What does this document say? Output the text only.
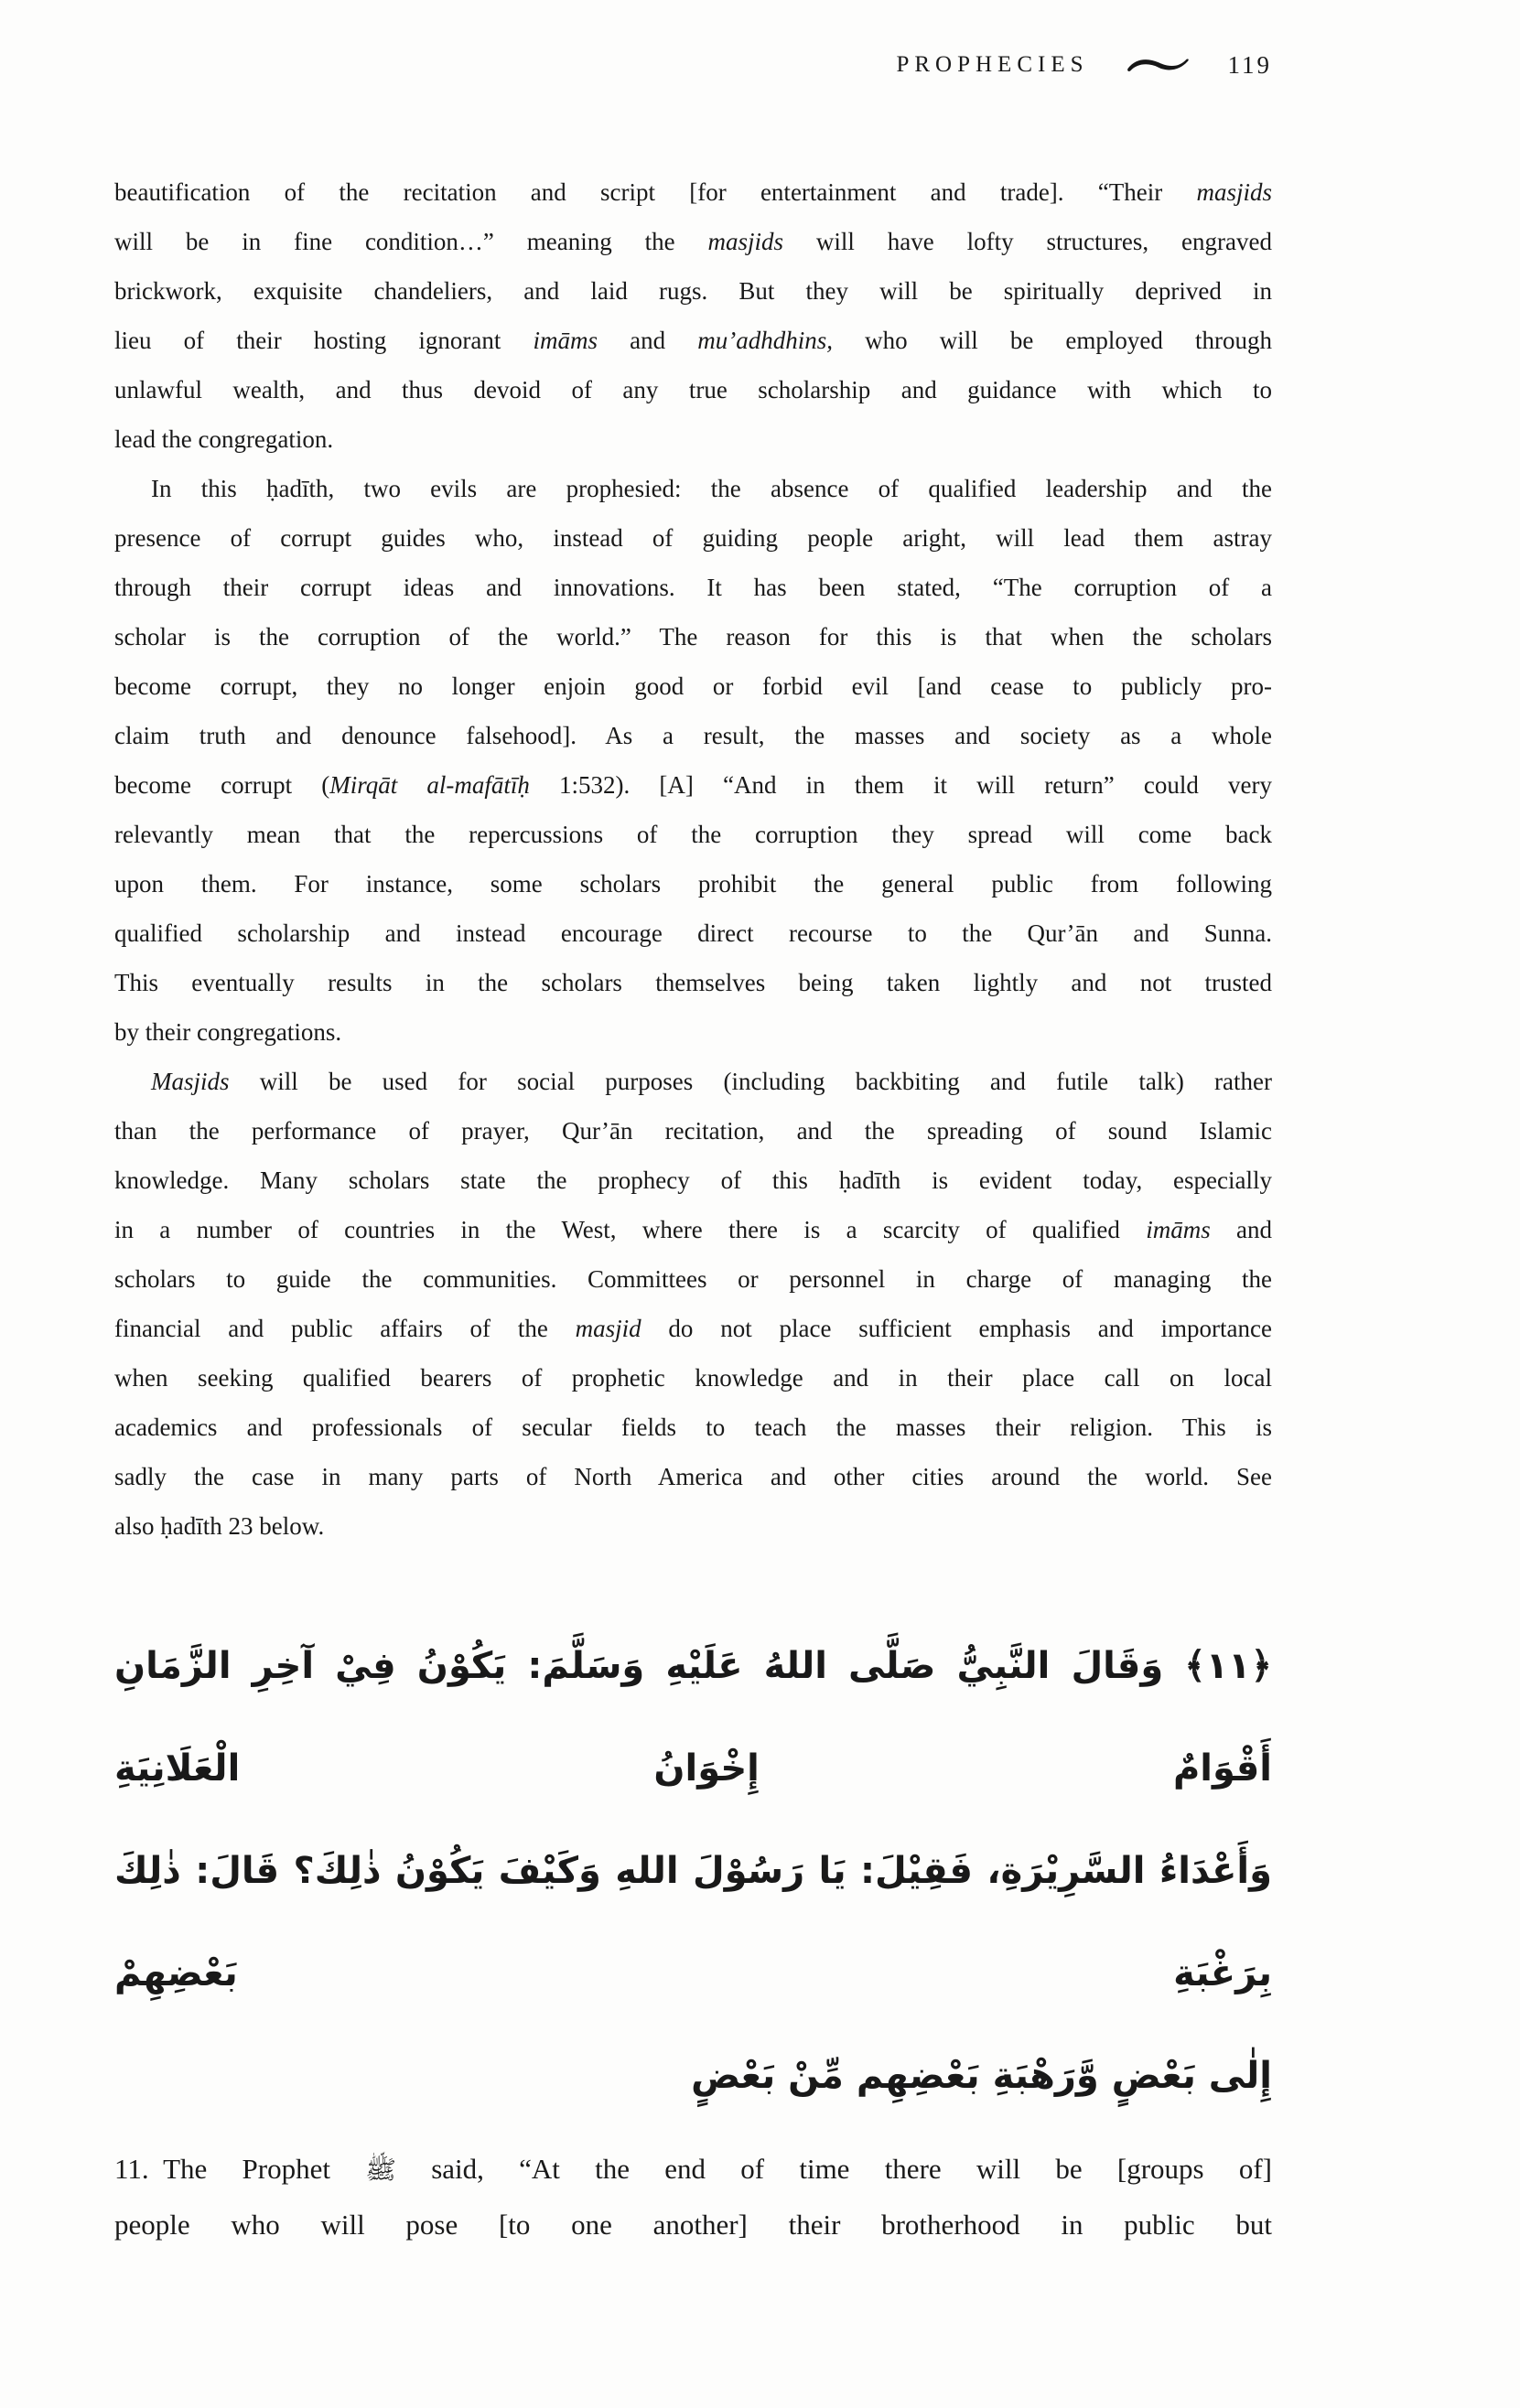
PROPHECIES	119
beautification of the recitation and script [for entertainment and trade]. “Their masjids
will be in fine condition…” meaning the masjids will have lofty structures, engraved
brickwork, exquisite chandeliers, and laid rugs. But they will be spiritually deprived in
lieu of their hosting ignorant imāms and mu’adhdhins, who will be employed through
unlawful wealth, and thus devoid of any true scholarship and guidance with which to
lead the congregation.
In this ḥadīth, two evils are prophesied: the absence of qualified leadership and the
presence of corrupt guides who, instead of guiding people aright, will lead them astray
through their corrupt ideas and innovations. It has been stated, “The corruption of a
scholar is the corruption of the world.” The reason for this is that when the scholars
become corrupt, they no longer enjoin good or forbid evil [and cease to publicly pro-
claim truth and denounce falsehood]. As a result, the masses and society as a whole
become corrupt (Mirqāt al-mafātīḥ 1:532). [A] “And in them it will return” could very
relevantly mean that the repercussions of the corruption they spread will come back
upon them. For instance, some scholars prohibit the general public from following
qualified scholarship and instead encourage direct recourse to the Qur’ān and Sunna.
This eventually results in the scholars themselves being taken lightly and not trusted
by their congregations.
Masjids will be used for social purposes (including backbiting and futile talk) rather
than the performance of prayer, Qur’ān recitation, and the spreading of sound Islamic
knowledge. Many scholars state the prophecy of this ḥadīth is evident today, especially
in a number of countries in the West, where there is a scarcity of qualified imāms and
scholars to guide the communities. Committees or personnel in charge of managing the
financial and public affairs of the masjid do not place sufficient emphasis and importance
when seeking qualified bearers of prophetic knowledge and in their place call on local
academics and professionals of secular fields to teach the masses their religion. This is
sadly the case in many parts of North America and other cities around the world. See
also ḥadīth 23 below.
﴿١١﴾ وَقَالَ النَّبِيُّ صَلَّى اللهُ عَلَيْهِ وَسَلَّمَ: يَكُوْنُ فِيْ آخِرِ الزَّمَانِ أَقْوَامٌ إِخْوَانُ الْعَلَانِيَةِ
وَأَعْدَاءُ السَّرِيْرَةِ، فَقِيْلَ: يَا رَسُوْلَ اللهِ وَكَيْفَ يَكُوْنُ ذٰلِكَ؟ قَالَ: ذٰلِكَ بِرَغْبَةِ بَعْضِهِمْ
إِلٰى بَعْضٍ وَّرَهْبَةِ بَعْضِهِم مِّنْ بَعْضٍ
11. The Prophet ﷺ said, “At the end of time there will be [groups of]
people who will pose [to one another] their brotherhood in public but
